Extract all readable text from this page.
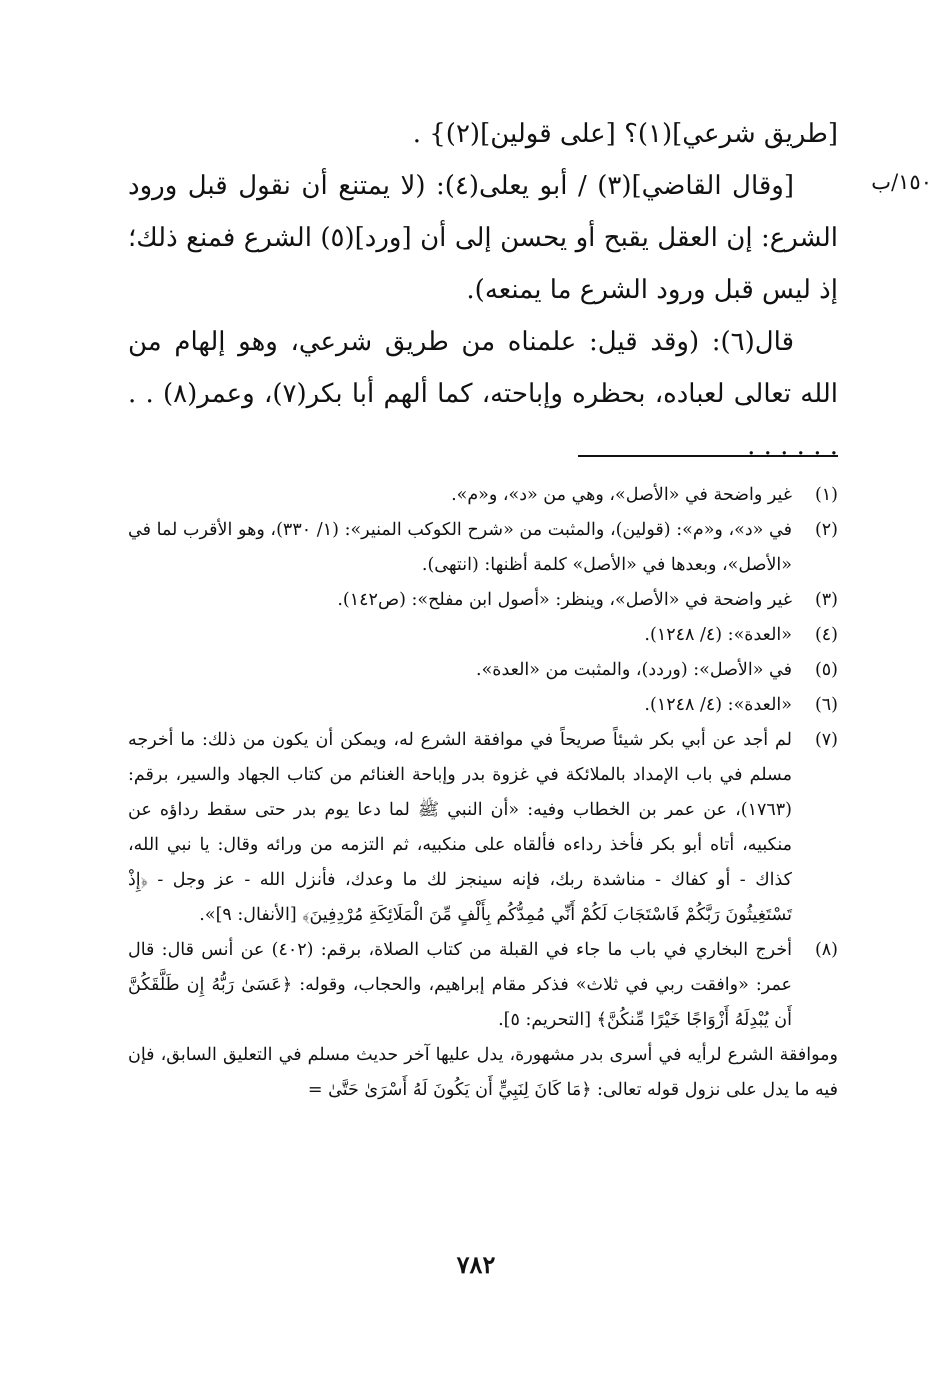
١٥٠/ب

[طريق شرعي](١)؟ [على قولين](٢)} .

[وقال القاضي](٣) / أبو يعلى(٤): (لا يمتنع أن نقول قبل ورود الشرع: إن العقل يقبح أو يحسن إلى أن [ورد](٥) الشرع فمنع ذلك؛ إذ ليس قبل ورود الشرع ما يمنعه).

قال(٦): (وقد قيل: علمناه من طريق شرعي، وهو إلهام من الله تعالى لعباده، بحظره وإباحته، كما ألهم أبا بكر(٧)، وعمر(٨) . . . . . . . .

(١)

غير واضحة في «الأصل»، وهي من «د»، و«م».

(٢)

في «د»، و«م»: (قولين)، والمثبت من «شرح الكوكب المنير»: (١/ ٣٣٠)، وهو الأقرب لما في «الأصل»، وبعدها في «الأصل» كلمة أظنها: (انتهى).

(٣)

غير واضحة في «الأصل»، وينظر: «أصول ابن مفلح»: (ص١٤٢).

(٤)

«العدة»: (٤/ ١٢٤٨).

(٥)

في «الأصل»: (وردد)، والمثبت من «العدة».

(٦)

«العدة»: (٤/ ١٢٤٨).

(٧)

لم أجد عن أبي بكر شيئاً صريحاً في موافقة الشرع له، ويمكن أن يكون من ذلك: ما أخرجه مسلم في باب الإمداد بالملائكة في غزوة بدر وإباحة الغنائم من كتاب الجهاد والسير، برقم: (١٧٦٣)، عن عمر بن الخطاب وفيه: «أن النبي ﷺ لما دعا يوم بدر حتى سقط رداؤه عن منكبيه، أتاه أبو بكر فأخذ رداءه فألقاه على منكبيه، ثم التزمه من ورائه وقال: يا نبي الله، كذاك - أو كفاك - مناشدة ربك، فإنه سينجز لك ما وعدك، فأنزل الله - عز وجل - ﴿إِذْ تَسْتَغِيثُونَ رَبَّكُمْ فَاسْتَجَابَ لَكُمْ أَنِّي مُمِدُّكُم بِأَلْفٍ مِّنَ الْمَلَائِكَةِ مُرْدِفِينَ﴾ [الأنفال: ٩]».

(٨)

أخرج البخاري في باب ما جاء في القبلة من كتاب الصلاة، برقم: (٤٠٢) عن أنس قال: قال عمر: «وافقت ربي في ثلاث» فذكر مقام إبراهيم، والحجاب، وقوله: ﴿عَسَىٰ رَبُّهُ إِن طَلَّقَكُنَّ أَن يُبْدِلَهُ أَزْوَاجًا خَيْرًا مِّنكُنَّ﴾ [التحريم: ٥].

وموافقة الشرع لرأيه في أسرى بدر مشهورة، يدل عليها آخر حديث مسلم في التعليق السابق، فإن فيه ما يدل على نزول قوله تعالى: ﴿مَا كَانَ لِنَبِيٍّ أَن يَكُونَ لَهُ أَسْرَىٰ حَتَّىٰ =

٧٨٢
